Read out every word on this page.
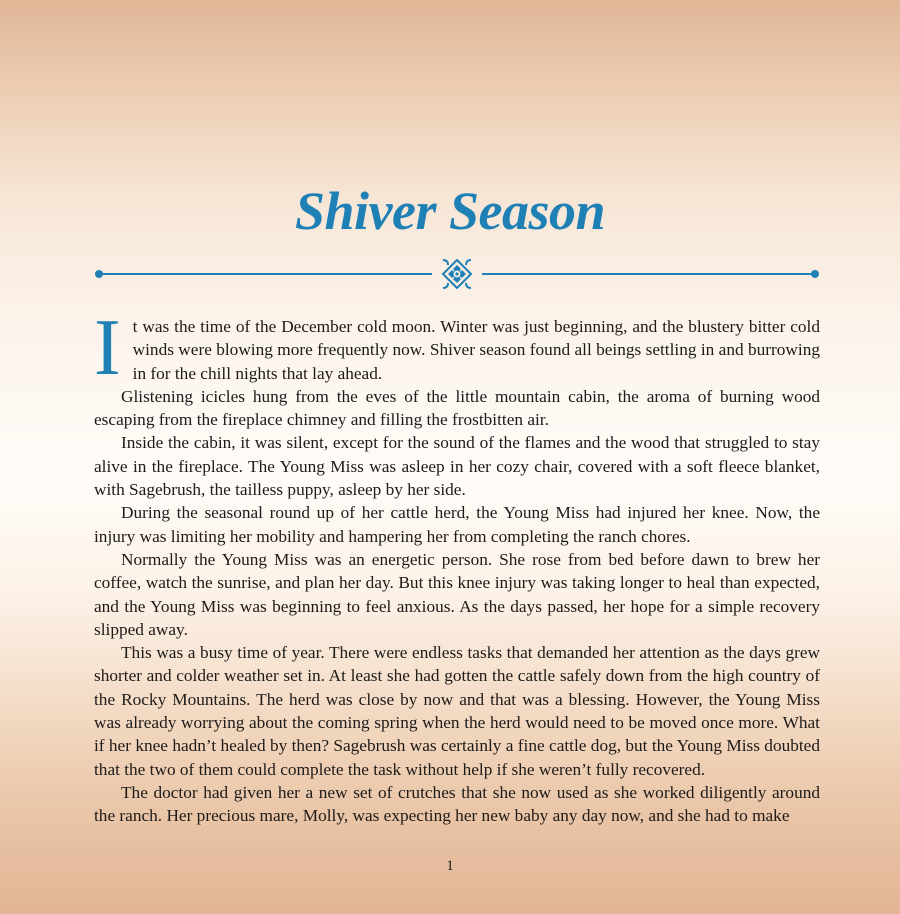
Shiver Season

It was the time of the December cold moon. Winter was just beginning, and the blustery bitter cold winds were blowing more frequently now. Shiver season found all beings settling in and burrowing in for the chill nights that lay ahead.

Glistening icicles hung from the eves of the little mountain cabin, the aroma of burning wood escaping from the fireplace chimney and filling the frostbitten air.

Inside the cabin, it was silent, except for the sound of the flames and the wood that struggled to stay alive in the fireplace. The Young Miss was asleep in her cozy chair, covered with a soft fleece blanket, with Sagebrush, the tailless puppy, asleep by her side.

During the seasonal round up of her cattle herd, the Young Miss had injured her knee. Now, the injury was limiting her mobility and hampering her from completing the ranch chores.

Normally the Young Miss was an energetic person. She rose from bed before dawn to brew her coffee, watch the sunrise, and plan her day. But this knee injury was taking longer to heal than expected, and the Young Miss was beginning to feel anxious. As the days passed, her hope for a simple recovery slipped away.

This was a busy time of year. There were endless tasks that demanded her attention as the days grew shorter and colder weather set in. At least she had gotten the cattle safely down from the high country of the Rocky Mountains. The herd was close by now and that was a blessing. However, the Young Miss was already worrying about the coming spring when the herd would need to be moved once more. What if her knee hadn’t healed by then? Sagebrush was certainly a fine cattle dog, but the Young Miss doubted that the two of them could complete the task without help if she weren’t fully recovered.

The doctor had given her a new set of crutches that she now used as she worked diligently around the ranch. Her precious mare, Molly, was expecting her new baby any day now, and she had to make

1
